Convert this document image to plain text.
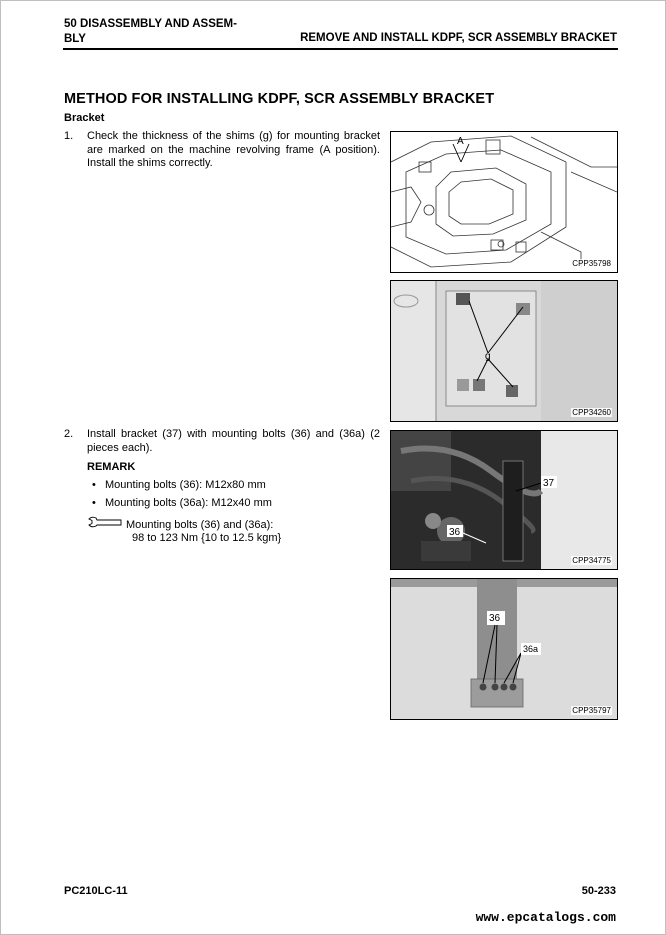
50 DISASSEMBLY AND ASSEM-
BLY	REMOVE AND INSTALL KDPF, SCR ASSEMBLY BRACKET
METHOD FOR INSTALLING KDPF, SCR ASSEMBLY BRACKET
Bracket
1. Check the thickness of the shims (g) for mounting bracket are marked on the machine revolving frame (A position). Install the shims correctly.
2. Install bracket (37) with mounting bolts (36) and (36a) (2 pieces each).
REMARK
• Mounting bolts (36): M12x80 mm
• Mounting bolts (36a): M12x40 mm
Mounting bolts (36) and (36a):
98 to 123 Nm {10 to 12.5 kgm}
A
CPP35798
g
CPP34260
37
36
CPP34775
36
36a
CPP35797
PC210LC-11	50-233
www.epcatalogs.com
